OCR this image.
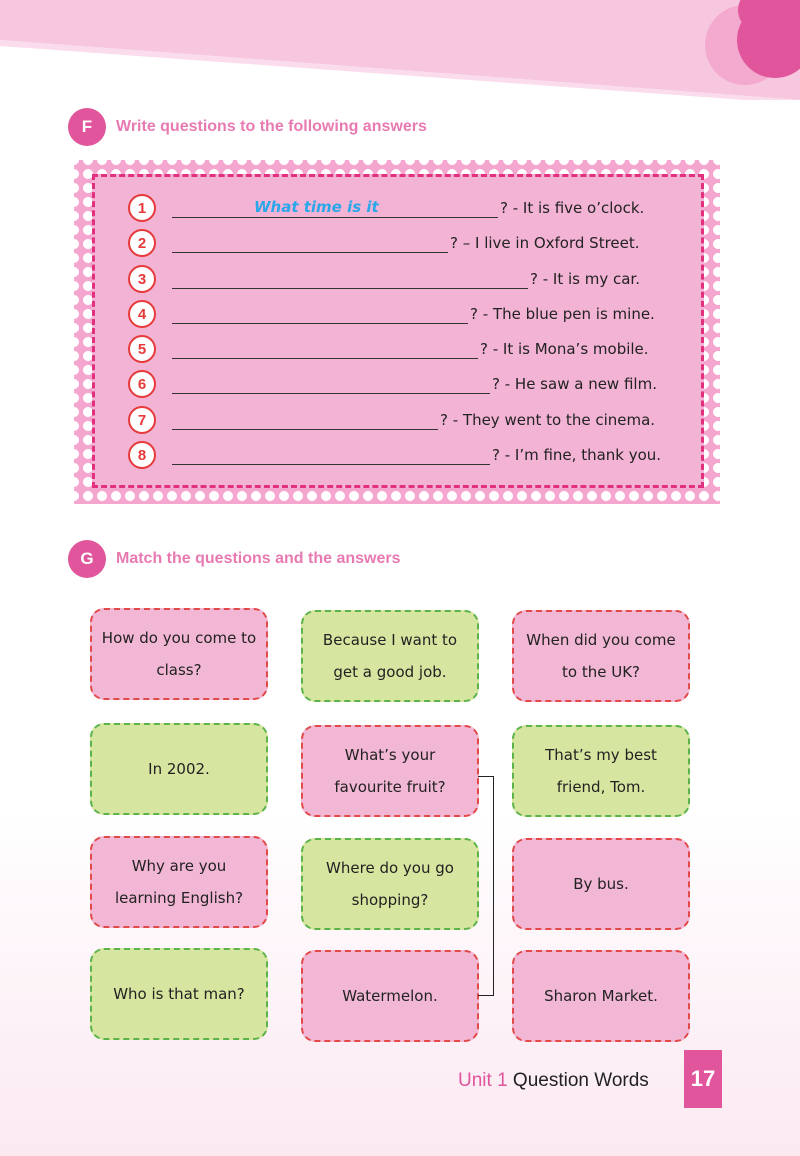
F	Write questions to the following answers
1	What time is it	? - It is five o’clock.
2	? – I live in Oxford Street.
3	? - It is my car.
4	? - The blue pen is mine.
5	? - It is Mona’s mobile.
6	? - He saw a new film.
7	? - They went to the cinema.
8	? - I’m fine, thank you.
G	Match the questions and the answers
How do you come to class?
Because I want to get a good job.
When did you come to the UK?
In 2002.
What’s your favourite fruit?
That’s my best friend, Tom.
Why are you learning English?
Where do you go shopping?
By bus.
Who is that man?	Watermelon.	Sharon Market.
Unit 1 Question Words	17
